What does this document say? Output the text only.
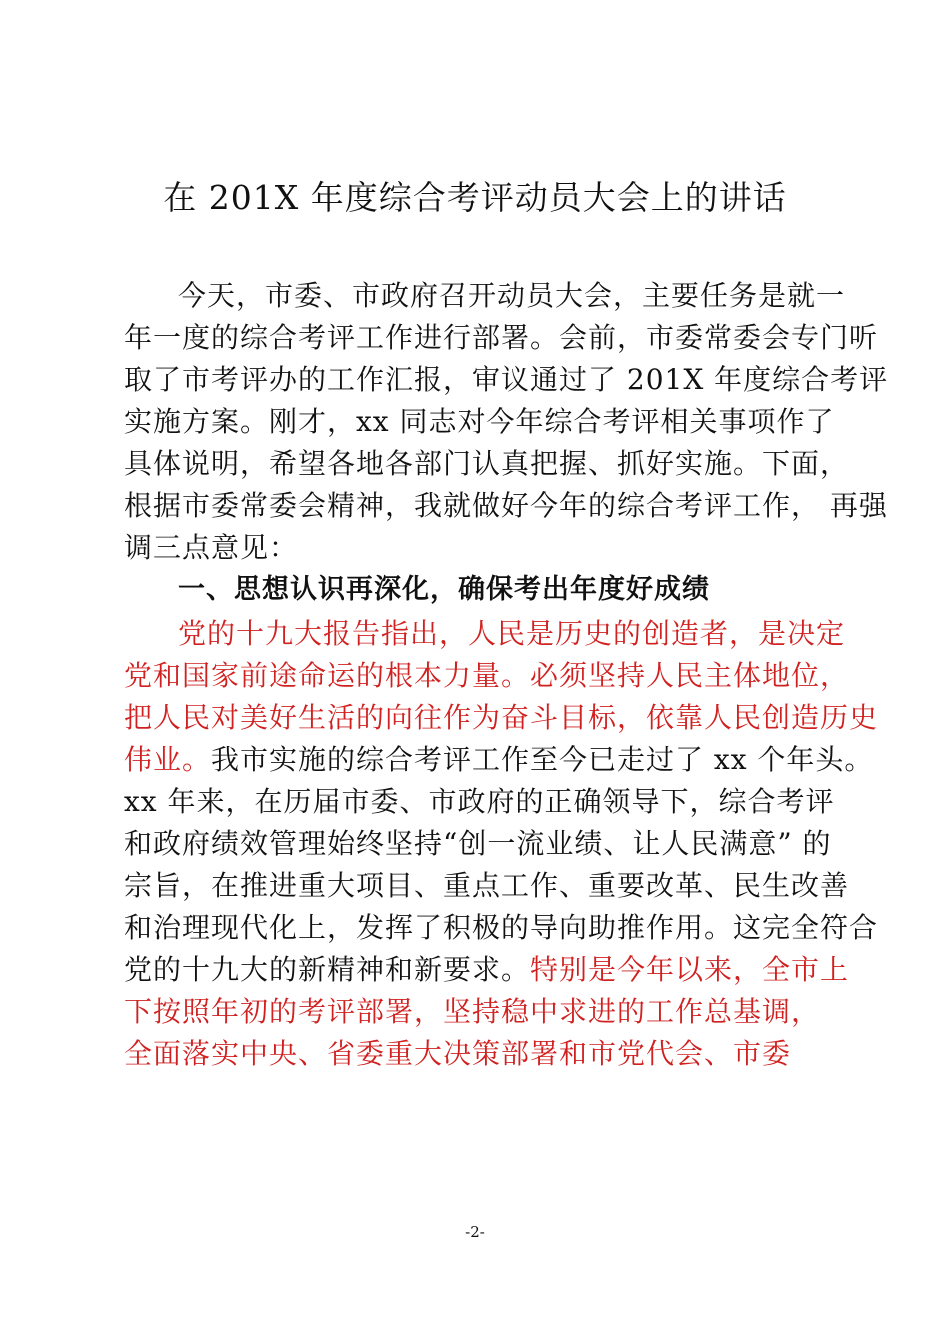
在 201X 年度综合考评动员大会上的讲话
今天，市委、市政府召开动员大会，主要任务是就一
年一度的综合考评工作进行部署。会前，市委常委会专门听
取了市考评办的工作汇报，审议通过了 201X 年度综合考评
实施方案。刚才，xx 同志对今年综合考评相关事项作了
具体说明，希望各地各部门认真把握、抓好实施。下面，
根据市委常委会精神，我就做好今年的综合考评工作， 再强
调三点意见：
一、思想认识再深化，确保考出年度好成绩
党的十九大报告指出，人民是历史的创造者，是决定
党和国家前途命运的根本力量。必须坚持人民主体地位，
把人民对美好生活的向往作为奋斗目标，依靠人民创造历史
伟业。我市实施的综合考评工作至今已走过了 xx 个年头。
xx 年来，在历届市委、市政府的正确领导下，综合考评
和政府绩效管理始终坚持“创一流业绩、让人民满意” 的
宗旨，在推进重大项目、重点工作、重要改革、民生改善
和治理现代化上，发挥了积极的导向助推作用。这完全符合
党的十九大的新精神和新要求。特别是今年以来，全市上
下按照年初的考评部署，坚持稳中求进的工作总基调，
全面落实中央、省委重大决策部署和市党代会、市委
-2-
